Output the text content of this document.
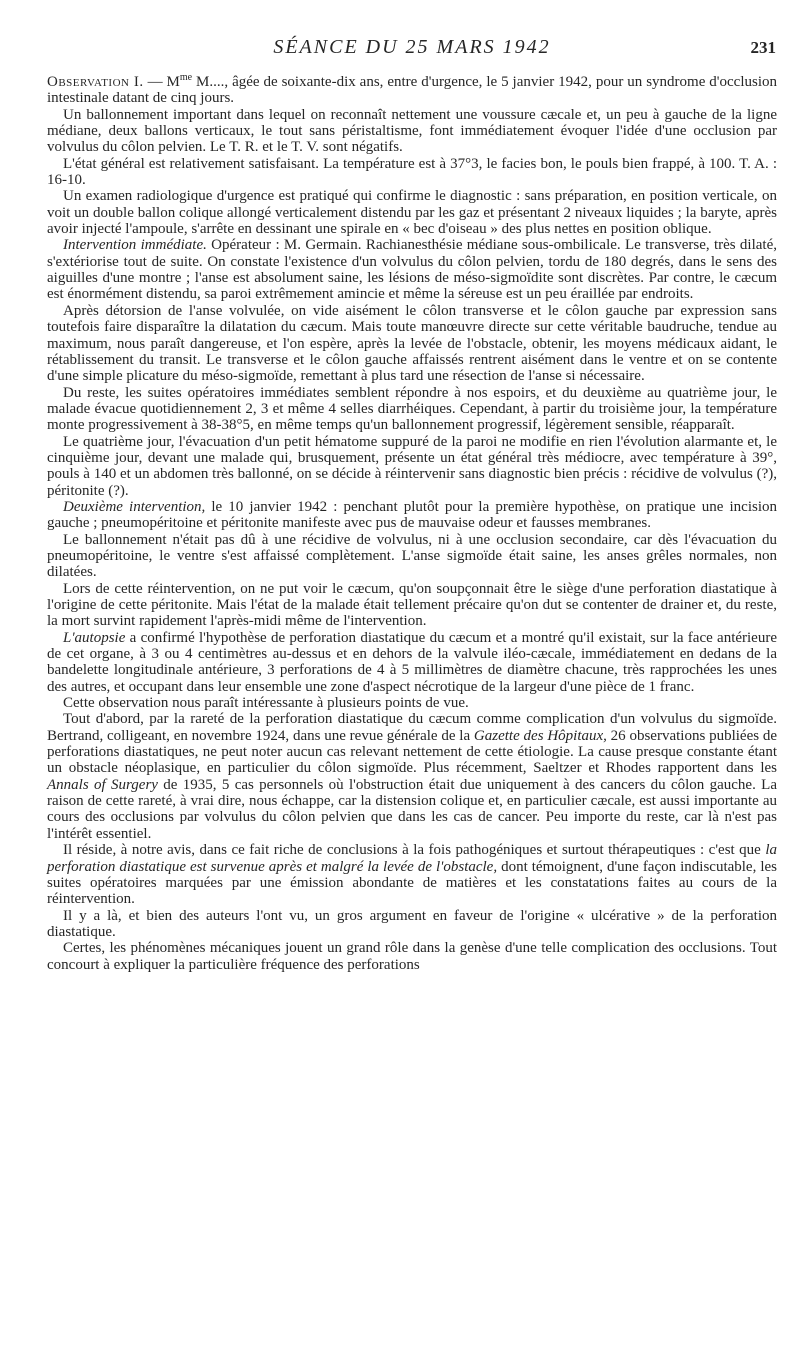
SÉANCE DU 25 MARS 1942	231

Observation I. — $M^{me}$ M...., âgée de soixante-dix ans, entre d'urgence, le 5 janvier 1942, pour un syndrome d'occlusion intestinale datant de cinq jours.

Un ballonnement important dans lequel on reconnaît nettement une voussure cæcale et, un peu à gauche de la ligne médiane, deux ballons verticaux, le tout sans péristaltisme, font immédiatement évoquer l'idée d'une occlusion par volvulus du côlon pelvien. Le T. R. et le T. V. sont négatifs.

L'état général est relativement satisfaisant. La température est à 37°3, le facies bon, le pouls bien frappé, à 100. T. A. : 16-10.

Un examen radiologique d'urgence est pratiqué qui confirme le diagnostic : sans préparation, en position verticale, on voit un double ballon colique allongé verticalement distendu par les gaz et présentant 2 niveaux liquides ; la baryte, après avoir injecté l'ampoule, s'arrête en dessinant une spirale en « bec d'oiseau » des plus nettes en position oblique.

Intervention immédiate. Opérateur : M. Germain. Rachianesthésie médiane sous-ombilicale. Le transverse, très dilaté, s'extériorise tout de suite. On constate l'existence d'un volvulus du côlon pelvien, tordu de 180 degrés, dans le sens des aiguilles d'une montre ; l'anse est absolument saine, les lésions de méso-sigmoïdite sont discrètes. Par contre, le cæcum est énormément distendu, sa paroi extrêmement amincie et même la séreuse est un peu éraillée par endroits.

Après détorsion de l'anse volvulée, on vide aisément le côlon transverse et le côlon gauche par expression sans toutefois faire disparaître la dilatation du cæcum. Mais toute manœuvre directe sur cette véritable baudruche, tendue au maximum, nous paraît dangereuse, et l'on espère, après la levée de l'obstacle, obtenir, les moyens médicaux aidant, le rétablissement du transit. Le transverse et le côlon gauche affaissés rentrent aisément dans le ventre et on se contente d'une simple plicature du méso-sigmoïde, remettant à plus tard une résection de l'anse si nécessaire.

Du reste, les suites opératoires immédiates semblent répondre à nos espoirs, et du deuxième au quatrième jour, le malade évacue quotidiennement 2, 3 et même 4 selles diarrhéiques. Cependant, à partir du troisième jour, la température monte progressivement à 38-38°5, en même temps qu'un ballonnement progressif, légèrement sensible, réapparaît.

Le quatrième jour, l'évacuation d'un petit hématome suppuré de la paroi ne modifie en rien l'évolution alarmante et, le cinquième jour, devant une malade qui, brusquement, présente un état général très médiocre, avec température à 39°, pouls à 140 et un abdomen très ballonné, on se décide à réintervenir sans diagnostic bien précis : récidive de volvulus (?), péritonite (?).

Deuxième intervention, le 10 janvier 1942 : penchant plutôt pour la première hypothèse, on pratique une incision gauche ; pneumopéritoine et péritonite manifeste avec pus de mauvaise odeur et fausses membranes.

Le ballonnement n'était pas dû à une récidive de volvulus, ni à une occlusion secondaire, car dès l'évacuation du pneumopéritoine, le ventre s'est affaissé complètement. L'anse sigmoïde était saine, les anses grêles normales, non dilatées.

Lors de cette réintervention, on ne put voir le cæcum, qu'on soupçonnait être le siège d'une perforation diastatique à l'origine de cette péritonite. Mais l'état de la malade était tellement précaire qu'on dut se contenter de drainer et, du reste, la mort survint rapidement l'après-midi même de l'intervention.

L'autopsie a confirmé l'hypothèse de perforation diastatique du cæcum et a montré qu'il existait, sur la face antérieure de cet organe, à 3 ou 4 centimètres au-dessus et en dehors de la valvule iléo-cæcale, immédiatement en dedans de la bandelette longitudinale antérieure, 3 perforations de 4 à 5 millimètres de diamètre chacune, très rapprochées les unes des autres, et occupant dans leur ensemble une zone d'aspect nécrotique de la largeur d'une pièce de 1 franc.

Cette observation nous paraît intéressante à plusieurs points de vue.

Tout d'abord, par la rareté de la perforation diastatique du cæcum comme complication d'un volvulus du sigmoïde. Bertrand, colligeant, en novembre 1924, dans une revue générale de la Gazette des Hôpitaux, 26 observations publiées de perforations diastatiques, ne peut noter aucun cas relevant nettement de cette étiologie. La cause presque constante étant un obstacle néoplasique, en particulier du côlon sigmoïde. Plus récemment, Saeltzer et Rhodes rapportent dans les Annals of Surgery de 1935, 5 cas personnels où l'obstruction était due uniquement à des cancers du côlon gauche. La raison de cette rareté, à vrai dire, nous échappe, car la distension colique et, en particulier cæcale, est aussi importante au cours des occlusions par volvulus du côlon pelvien que dans les cas de cancer. Peu importe du reste, car là n'est pas l'intérêt essentiel.

Il réside, à notre avis, dans ce fait riche de conclusions à la fois pathogéniques et surtout thérapeutiques : c'est que la perforation diastatique est survenue après et malgré la levée de l'obstacle, dont témoignent, d'une façon indiscutable, les suites opératoires marquées par une émission abondante de matières et les constatations faites au cours de la réintervention.

Il y a là, et bien des auteurs l'ont vu, un gros argument en faveur de l'origine « ulcérative » de la perforation diastatique.

Certes, les phénomènes mécaniques jouent un grand rôle dans la genèse d'une telle complication des occlusions. Tout concourt à expliquer la particulière fréquence des perforations
